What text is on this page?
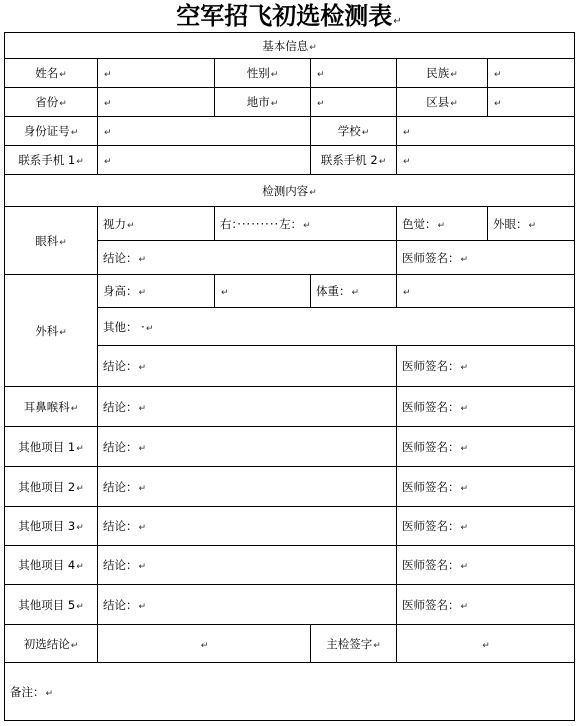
空军招飞初选检测表↵
基本信息↵					
姓名↵	↵	性别↵	↵	民族↵	↵
省份↵	↵	地市↵	↵	区县↵	↵
身份证号↵	↵		学校↵	↵	
联系手机 1↵	↵		联系手机 2↵	↵	
检测内容↵					
眼科↵	视力↵	右：·········左：↵		色觉：↵	外眼：↵
	结论：↵			医师签名：↵	
外科↵	身高：↵	↵	体重：↵	↵	
	其他： ·↵				
	结论：↵			医师签名：↵	
耳鼻喉科↵	结论：↵			医师签名：↵	
其他项目 1↵	结论：↵			医师签名：↵	
其他项目 2↵	结论：↵			医师签名：↵	
其他项目 3↵	结论：↵			医师签名：↵	
其他项目 4↵	结论：↵			医师签名：↵	
其他项目 5↵	结论：↵			医师签名：↵	
初选结论↵	↵		主检签字↵	↵	
备注：↵					
